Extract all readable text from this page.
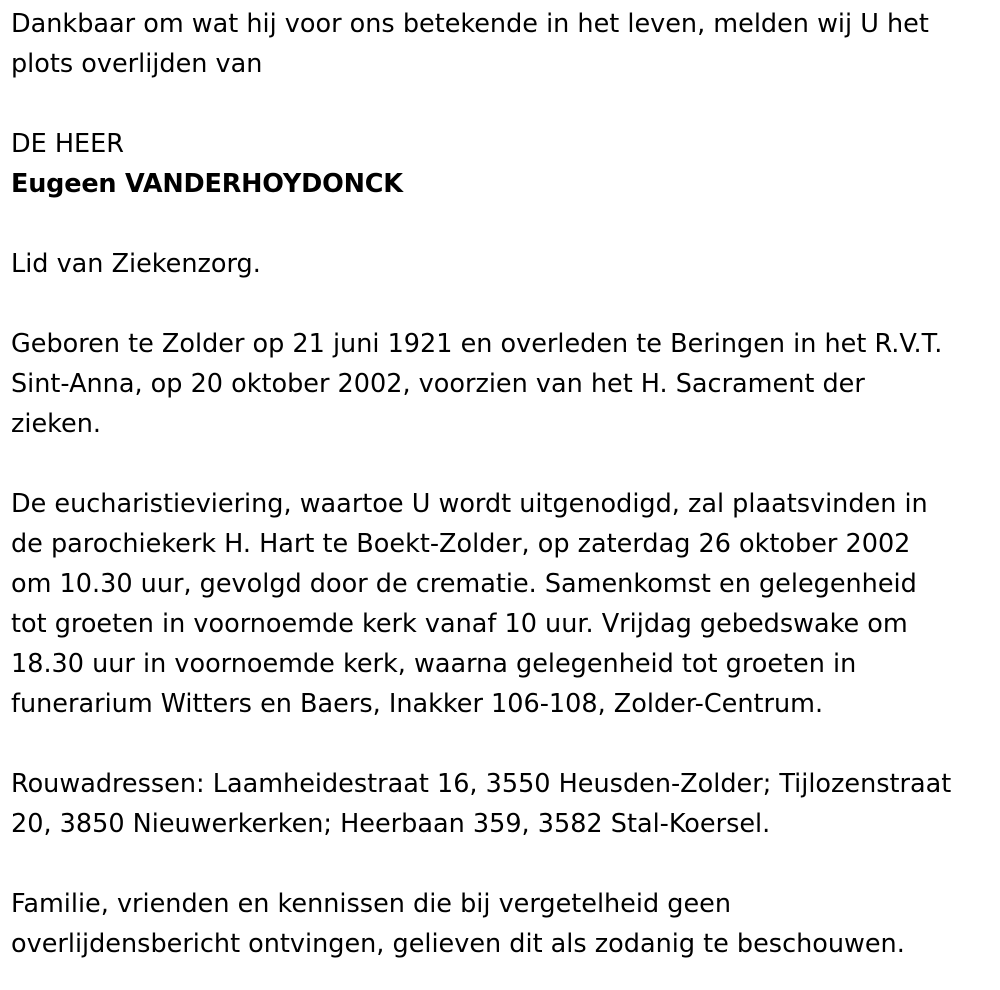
Dankbaar om wat hij voor ons betekende in het leven, melden wij U het
plots overlijden van
DE HEER
Eugeen VANDERHOYDONCK
Lid van Ziekenzorg.
Geboren te Zolder op 21 juni 1921 en overleden te Beringen in het R.V.T.
Sint-Anna, op 20 oktober 2002, voorzien van het H. Sacrament der
zieken.
De eucharistieviering, waartoe U wordt uitgenodigd, zal plaatsvinden in
de parochiekerk H. Hart te Boekt-Zolder, op zaterdag 26 oktober 2002
om 10.30 uur, gevolgd door de crematie. Samenkomst en gelegenheid
tot groeten in voornoemde kerk vanaf 10 uur. Vrijdag gebedswake om
18.30 uur in voornoemde kerk, waarna gelegenheid tot groeten in
funerarium Witters en Baers, Inakker 106-108, Zolder-Centrum.
Rouwadressen: Laamheidestraat 16, 3550 Heusden-Zolder; Tijlozenstraat
20, 3850 Nieuwerkerken; Heerbaan 359, 3582 Stal-Koersel.
Familie, vrienden en kennissen die bij vergetelheid geen
overlijdensbericht ontvingen, gelieven dit als zodanig te beschouwen.
